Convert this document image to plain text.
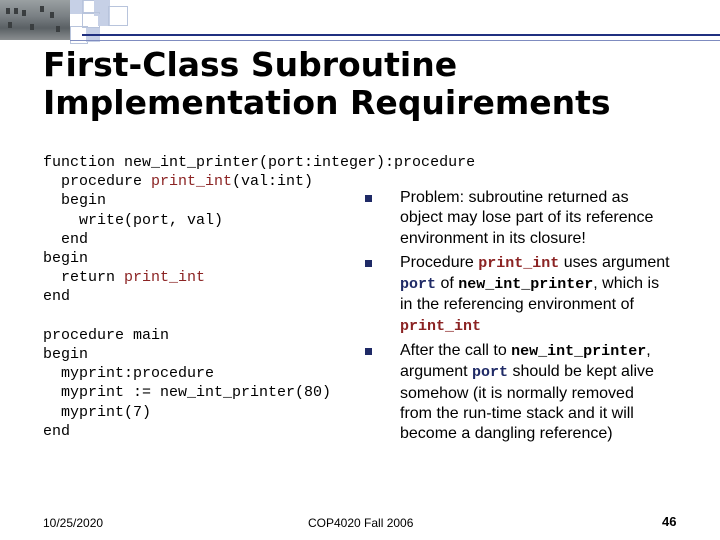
First-Class Subroutine Implementation Requirements
function new_int_printer(port:integer):procedure
procedure print_int(val:int)
begin
write(port, val)
end
begin
return print_int
end

procedure main
begin
myprint:procedure
myprint := new_int_printer(80)
myprint(7)
end
Problem: subroutine returned as object may lose part of its reference environment in its closure!
Procedure print_int uses argument port of new_int_printer, which is in the referencing environment of print_int
After the call to new_int_printer, argument port should be kept alive somehow (it is normally removed from the run-time stack and it will become a dangling reference)
10/25/2020	COP4020 Fall 2006	46
